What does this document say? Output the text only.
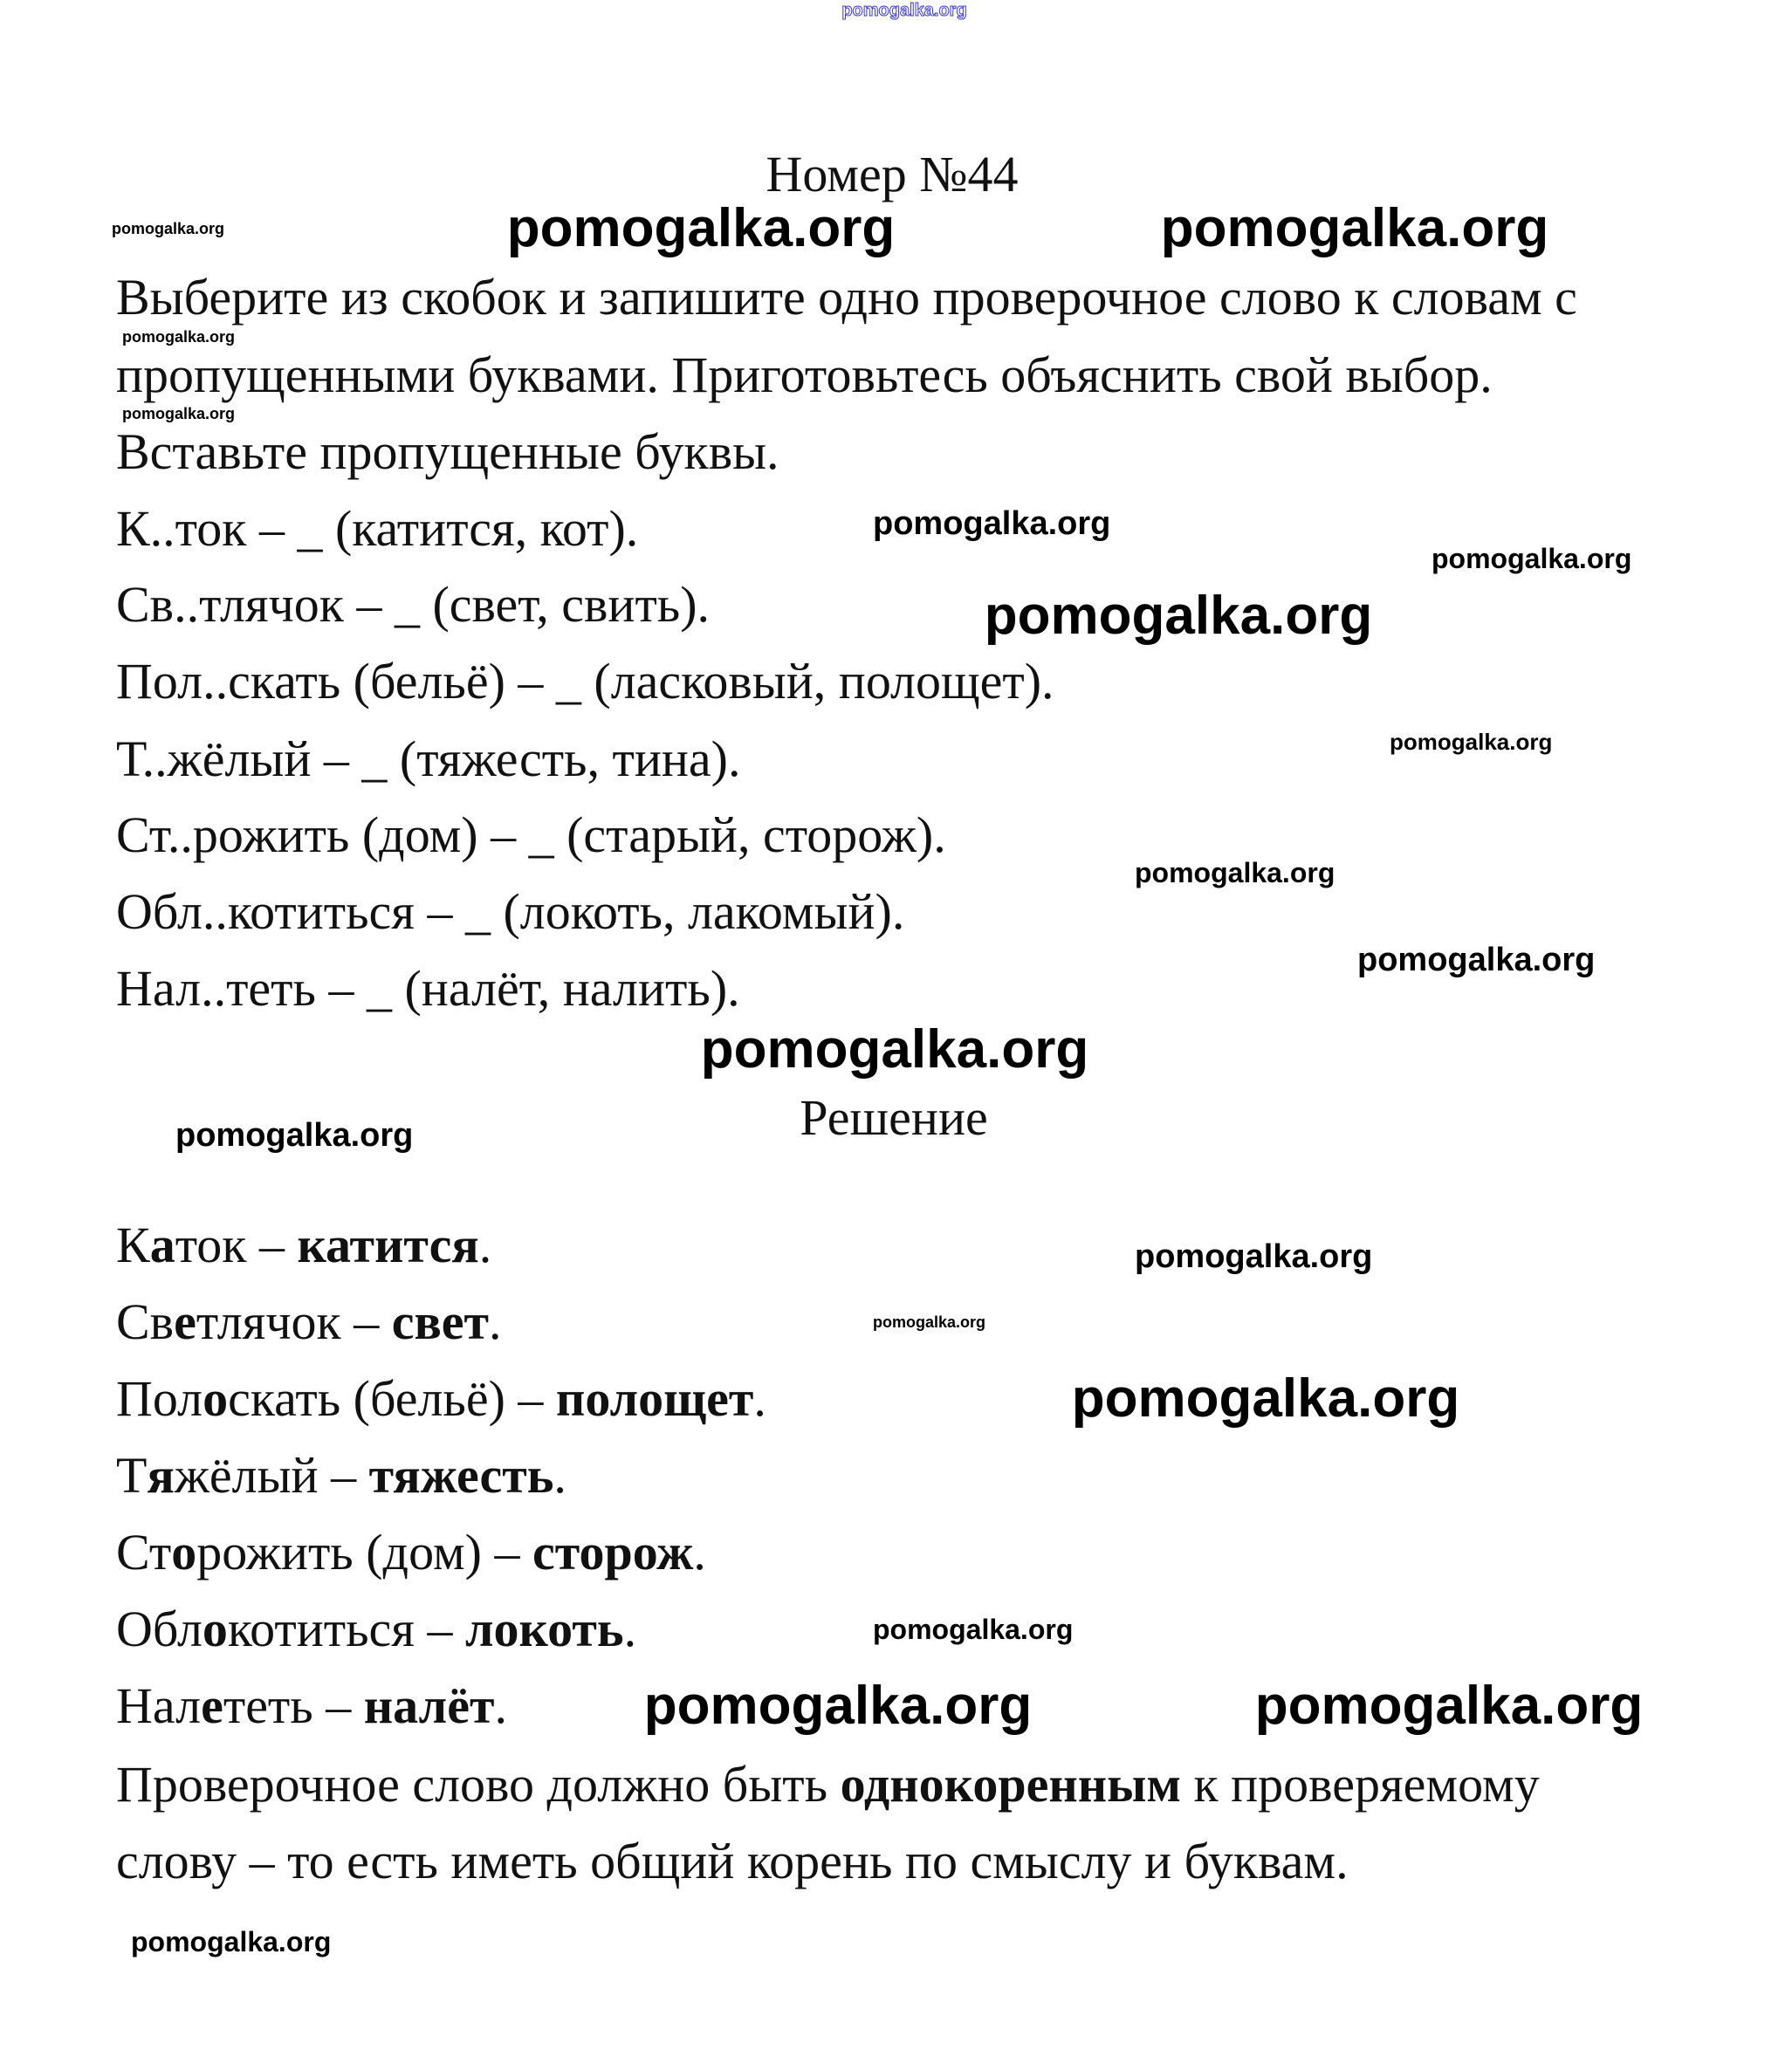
pomogalka.org
Номер №44
Выберите из скобок и запишите одно проверочное слово к словам с
пропущенными буквами. Приготовьтесь объяснить свой выбор.
Вставьте пропущенные буквы.
К..ток – _ (катится, кот).
Св..тлячок – _ (свет, свить).
Пол..скать (бельё) – _ (ласковый, полощет).
Т..жёлый – _ (тяжесть, тина).
Ст..рожить (дом) – _ (старый, сторож).
Обл..котиться – _ (локоть, лакомый).
Нал..теть – _ (налёт, налить).
Решение
Каток – катится.
Светлячок – свет.
Полоскать (бельё) – полощет.
Тяжёлый – тяжесть.
Сторожить (дом) – сторож.
Облокотиться – локоть.
Налететь – налёт.
Проверочное слово должно быть однокоренным к проверяемому
слову – то есть иметь общий корень по смыслу и буквам.
pomogalka.org	pomogalka.org	pomogalka.org
pomogalka.org
pomogalka.org
pomogalka.org
pomogalka.org
pomogalka.org
pomogalka.org
pomogalka.org
pomogalka.org
pomogalka.org
pomogalka.org
pomogalka.org
pomogalka.org
pomogalka.org
pomogalka.org
pomogalka.org	pomogalka.org
pomogalka.org
